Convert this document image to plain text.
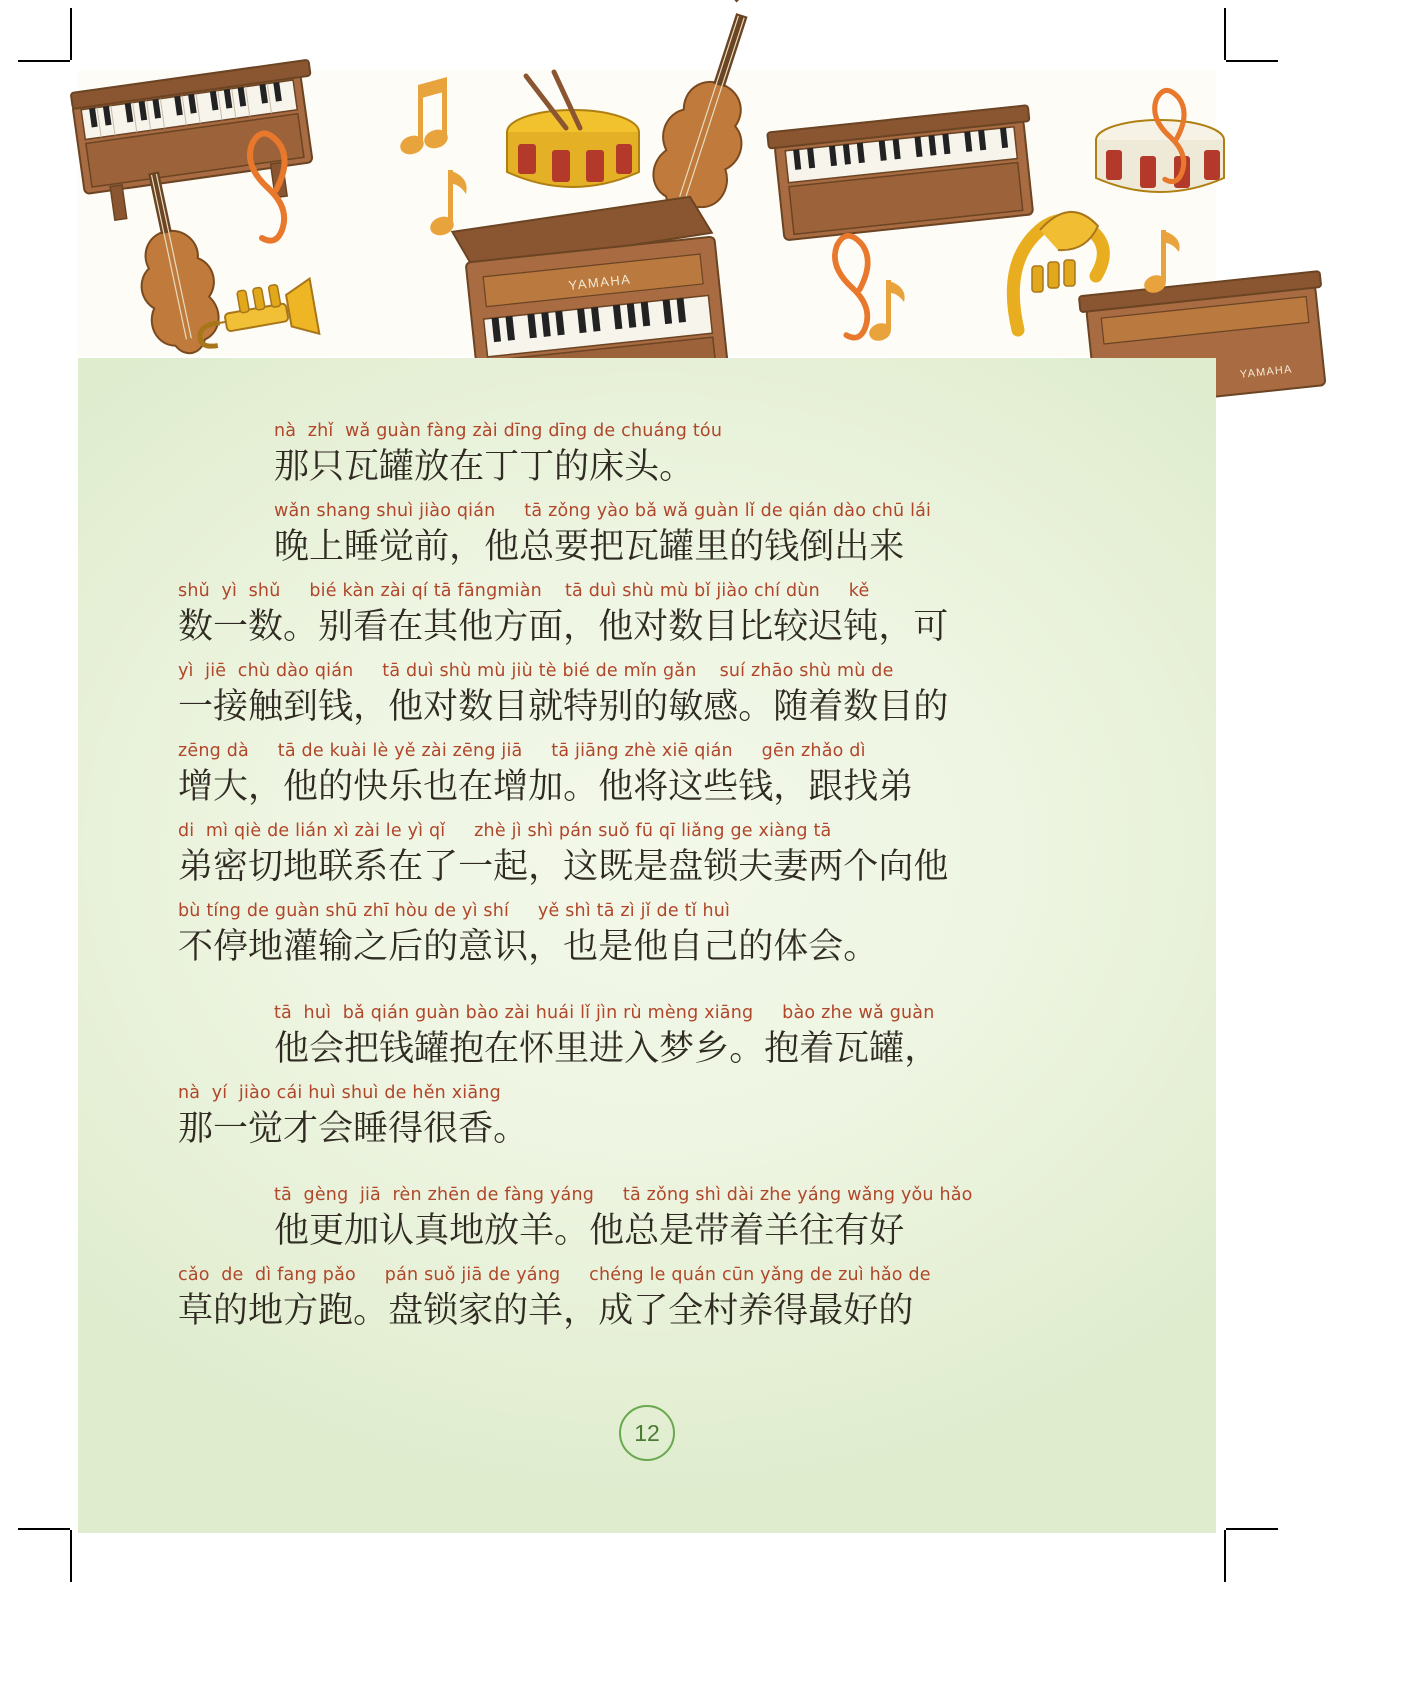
YAMAHA
YAMAHA
nà
zhǐ
wǎ
guàn
fàng
zài
dīng
dīng
de
chuáng
tóu
那 只 瓦 罐 放 在 丁 丁 的 床 头 。
wǎn
shang
shuì
jiào
qián
tā
zǒng
yào
bǎ
wǎ
guàn
lǐ
de
qián
dào
chū
lái
晚 上 睡 觉 前 ， 他 总 要 把 瓦 罐 里 的 钱 倒 出 来
shǔ
yì
shǔ
bié
kàn
zài
qí
tā
fāngmiàn
tā
duì
shù
mù
bǐ
jiào
chí
dùn
kě
数 一 数 。 别 看 在 其 他 方 面 ， 他 对 数 目 比 较 迟 钝 ， 可
yì
jiē
chù
dào
qián
tā
duì
shù
mù
jiù
tè
bié
de
mǐn
gǎn
suí
zhāo
shù
mù
de
一 接 触 到 钱 ， 他 对 数 目 就 特 别 的 敏 感 。 随 着 数 目 的
zēng
dà
tā
de
kuài
lè
yě
zài
zēng
jiā
tā
jiāng
zhè
xiē
qián
gēn
zhǎo
dì
增 大 ， 他 的 快 乐 也 在 增 加 。 他 将 这 些 钱 ， 跟 找 弟
di
mì
qiè
de
lián
xì
zài
le
yì
qǐ
zhè
jì
shì
pán
suǒ
fū
qī
liǎng
ge
xiàng
tā
弟 密 切 地 联 系 在 了 一 起 ， 这 既 是 盘 锁 夫 妻 两 个 向 他
bù
tíng
de
guàn
shū
zhī
hòu
de
yì
shí
yě
shì
tā
zì
jǐ
de
tǐ
huì
不 停 地 灌 输 之 后 的 意 识 ， 也 是 他 自 己 的 体 会 。
tā
huì
bǎ
qián
guàn
bào
zài
huái
lǐ
jìn
rù
mèng
xiāng
bào
zhe
wǎ
guàn
他 会 把 钱 罐 抱 在 怀 里 进 入 梦 乡 。 抱 着 瓦 罐 ，
nà
yí
jiào
cái
huì
shuì
de
hěn
xiāng
那 一 觉 才 会 睡 得 很 香 。
tā
gèng
jiā
rèn
zhēn
de
fàng
yáng
tā
zǒng
shì
dài
zhe
yáng
wǎng
yǒu
hǎo
他 更 加 认 真 地 放 羊 。 他 总 是 带 着 羊 往 有 好
cǎo
de
dì
fang
pǎo
pán
suǒ
jiā
de
yáng
chéng
le
quán
cūn
yǎng
de
zuì
hǎo
de
草 的 地 方 跑 。 盘 锁 家 的 羊 ， 成 了 全 村 养 得 最 好 的
12
